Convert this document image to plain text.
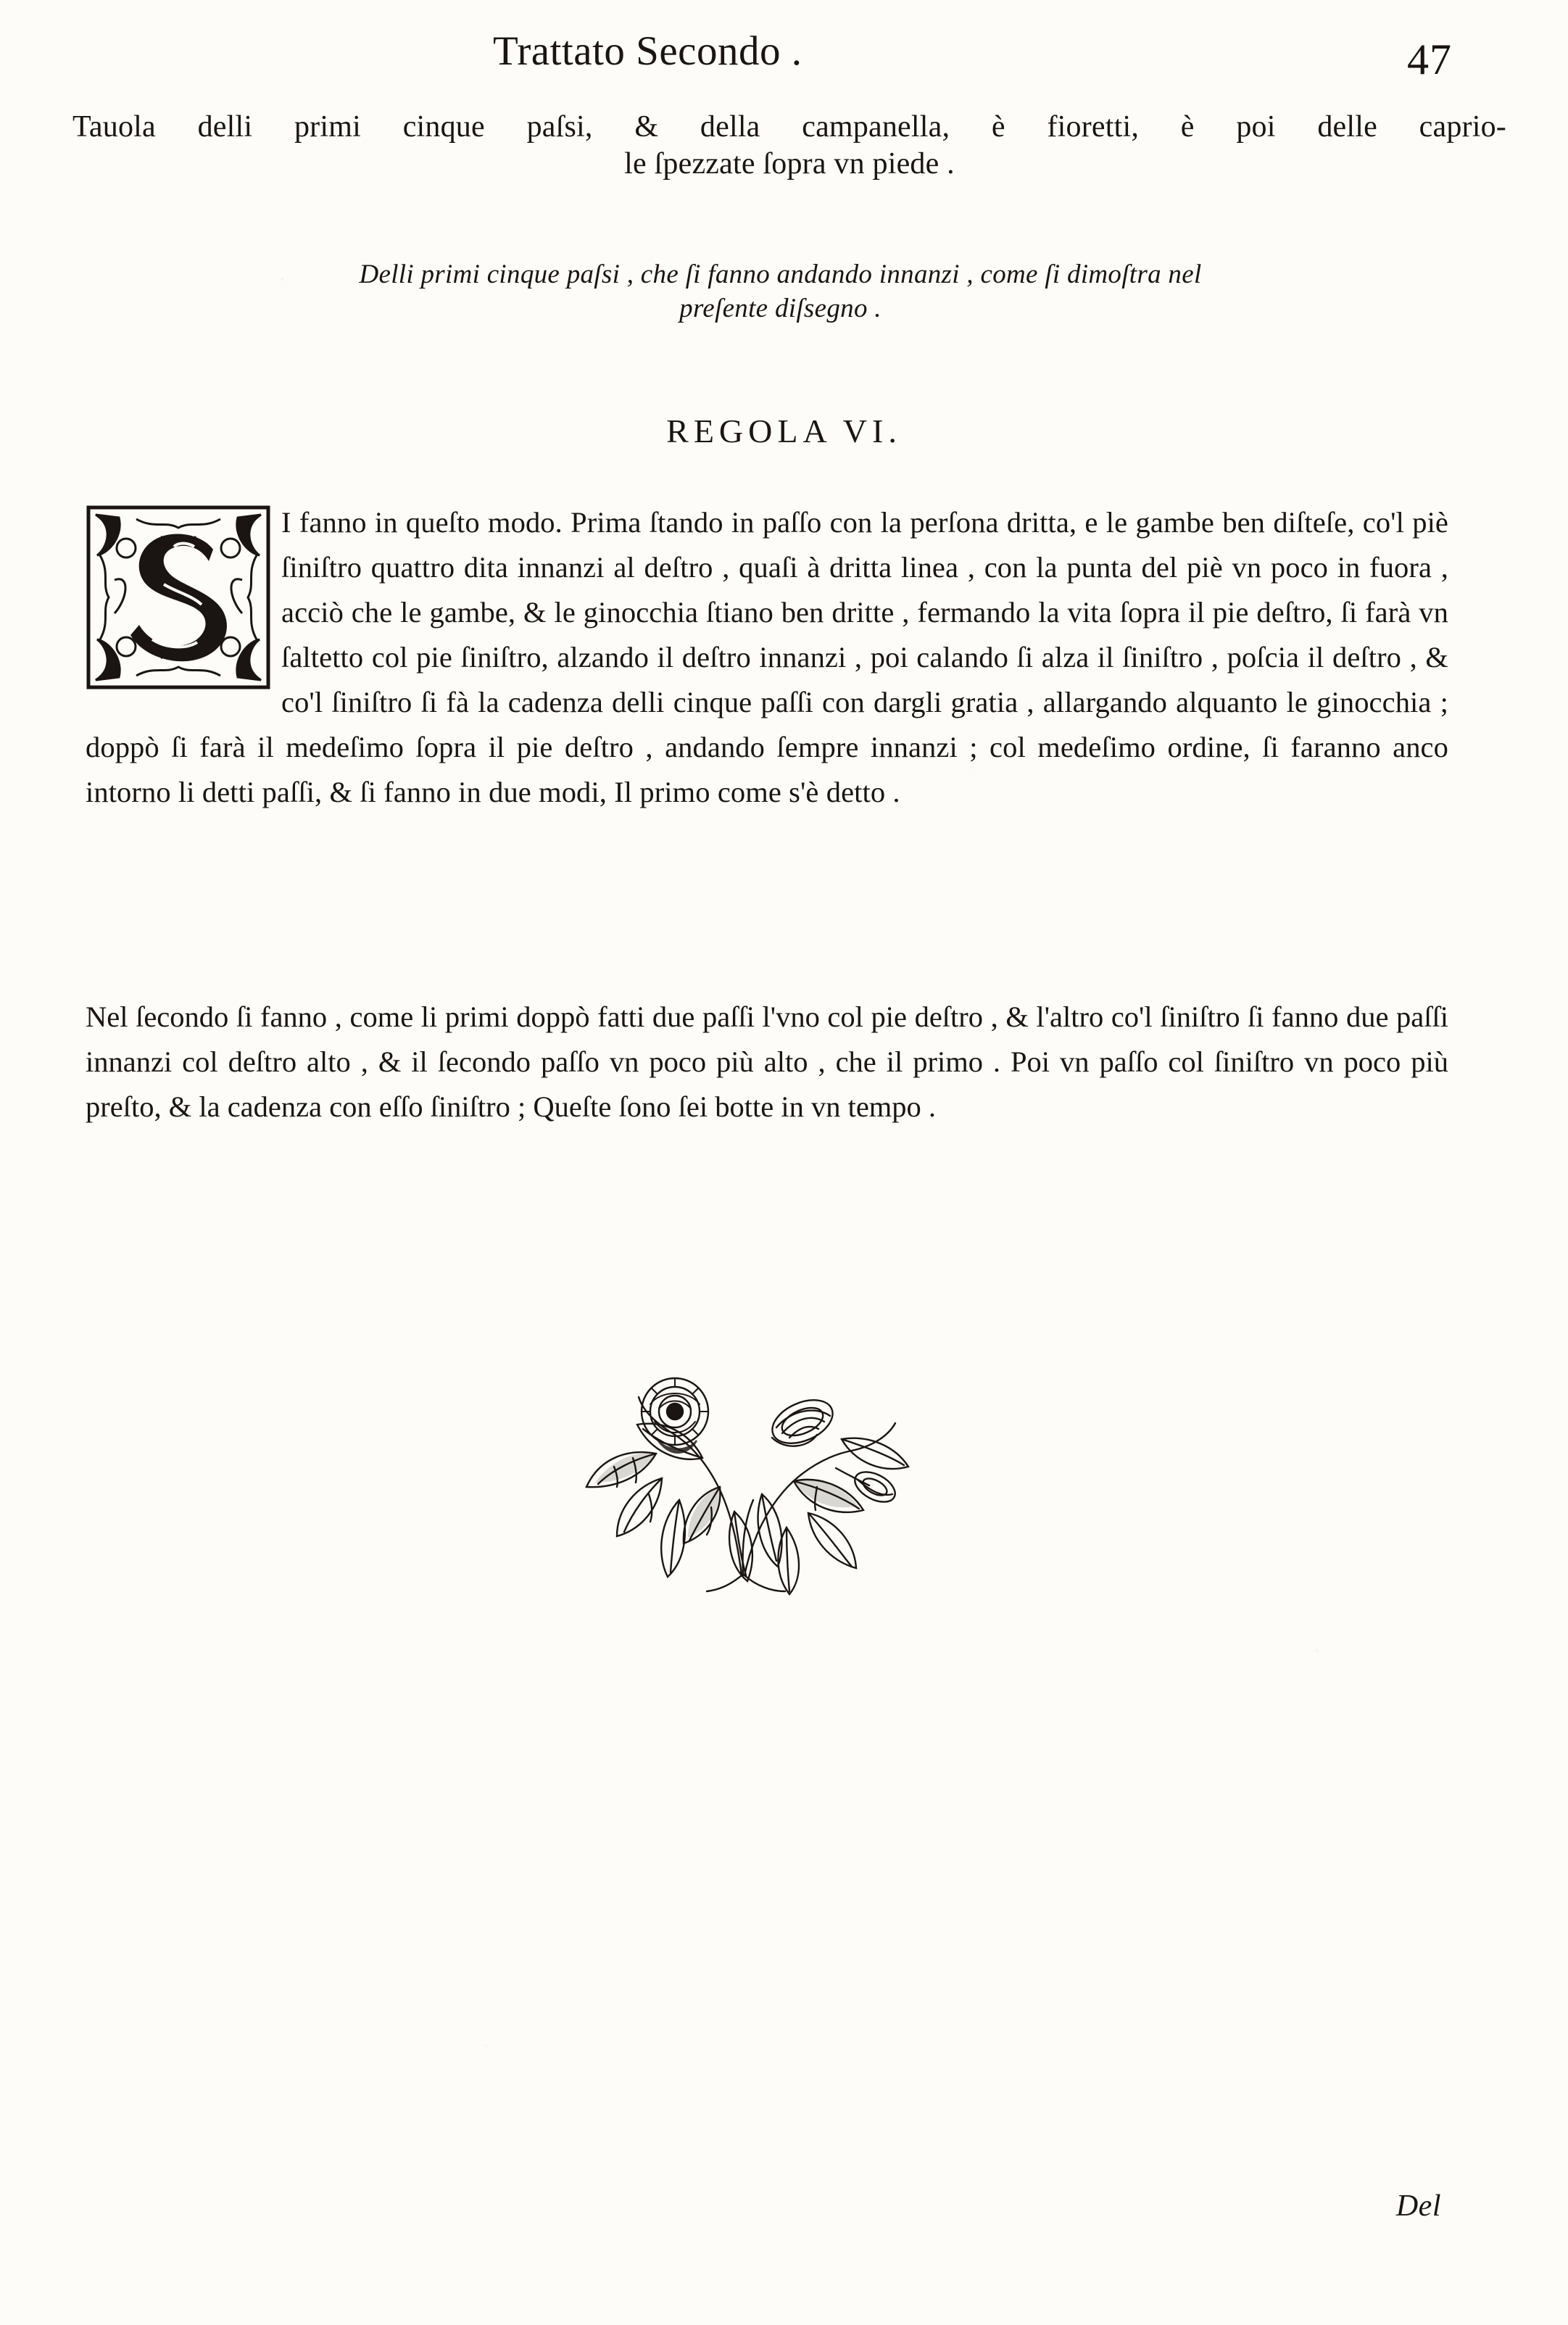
Trattato Secondo .	47
Tauola delli primi cinque paſsi, & della campanella, è fioretti, è poi delle caprio-
le ſpezzate ſopra vn piede .
Delli primi cinque paſsi , che ſi fanno andando innanzi , come ſi dimoſtra nel
preſente diſsegno .
REGOLA VI.
I fanno in queſto modo. Prima ſtando in paſſo con la perſona dritta, e le gambe ben diſteſe, co'l piè ſiniſtro quattro dita innanzi al deſtro , quaſi à dritta linea , con la punta del piè vn poco in fuora , acciò che le gambe, & le ginocchia ſtiano ben dritte , fermando la vita ſopra il pie deſtro, ſi farà vn ſaltetto col pie ſiniſtro, alzando il deſtro innanzi , poi calando ſi alza il ſiniſtro , poſcia il deſtro , & co'l ſiniſtro ſi fà la cadenza delli cinque paſſi con dargli gratia , allargando alquanto le ginocchia ; doppò ſi farà il medeſimo ſopra il pie deſtro , andando ſempre innanzi ; col medeſimo ordine, ſi faranno anco intorno li detti paſſi, & ſi fanno in due modi, Il primo come s'è detto .
Nel ſecondo ſi fanno , come li primi doppò fatti due paſſi l'vno col pie deſtro , & l'altro co'l ſiniſtro ſi fanno due paſſi innanzi col deſtro alto , & il ſecondo paſſo vn poco più alto , che il primo . Poi vn paſſo col ſiniſtro vn poco più preſto, & la cadenza con eſſo ſiniſtro ; Queſte ſono ſei botte in vn tempo .
Del
